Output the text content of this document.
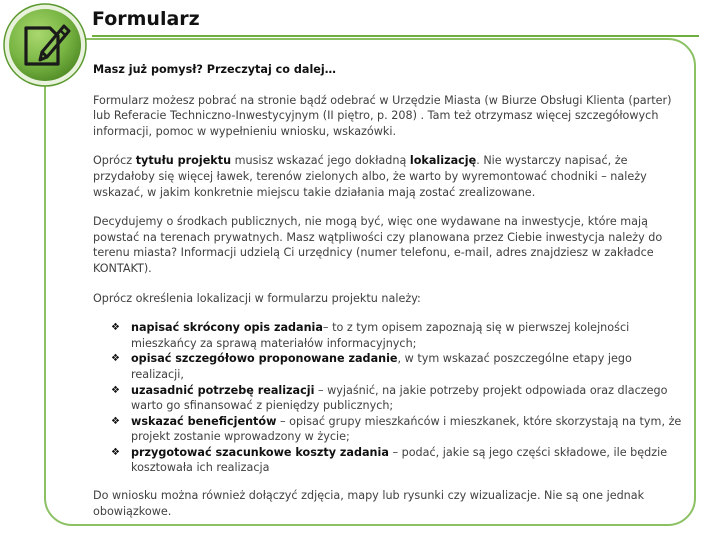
Formularz

Masz już pomysł? Przeczytaj co dalej…

Formularz możesz pobrać na stronie bądź odebrać w Urzędzie Miasta (w Biurze Obsługi Klienta (parter) lub Referacie Techniczno-Inwestycyjnym (II piętro, p. 208) . Tam też otrzymasz więcej szczegółowych informacji, pomoc w wypełnieniu wniosku, wskazówki.

Oprócz tytułu projektu musisz wskazać jego dokładną lokalizację. Nie wystarczy napisać, że przydałoby się więcej ławek, terenów zielonych albo, że warto by wyremontować chodniki – należy wskazać, w jakim konkretnie miejscu takie działania mają zostać zrealizowane.

Decydujemy o środkach publicznych, nie mogą być, więc one wydawane na inwestycje, które mają powstać na terenach prywatnych. Masz wątpliwości czy planowana przez Ciebie inwestycja należy do terenu miasta? Informacji udzielą Ci urzędnicy (numer telefonu, e-mail, adres znajdziesz w zakładce KONTAKT).

Oprócz określenia lokalizacji w formularzu projektu należy:

❖ napisać skrócony opis zadania– to z tym opisem zapoznają się w pierwszej kolejności mieszkańcy za sprawą materiałów informacyjnych;
❖ opisać szczegółowo proponowane zadanie, w tym wskazać poszczególne etapy jego realizacji,
❖ uzasadnić potrzebę realizacji – wyjaśnić, na jakie potrzeby projekt odpowiada oraz dlaczego warto go sfinansować z pieniędzy publicznych;
❖ wskazać beneficjentów – opisać grupy mieszkańców i mieszkanek, które skorzystają na tym, że projekt zostanie wprowadzony w życie;
❖ przygotować szacunkowe koszty zadania – podać, jakie są jego części składowe, ile będzie kosztowała ich realizacja

Do wniosku można również dołączyć zdjęcia, mapy lub rysunki czy wizualizacje. Nie są one jednak obowiązkowe.
